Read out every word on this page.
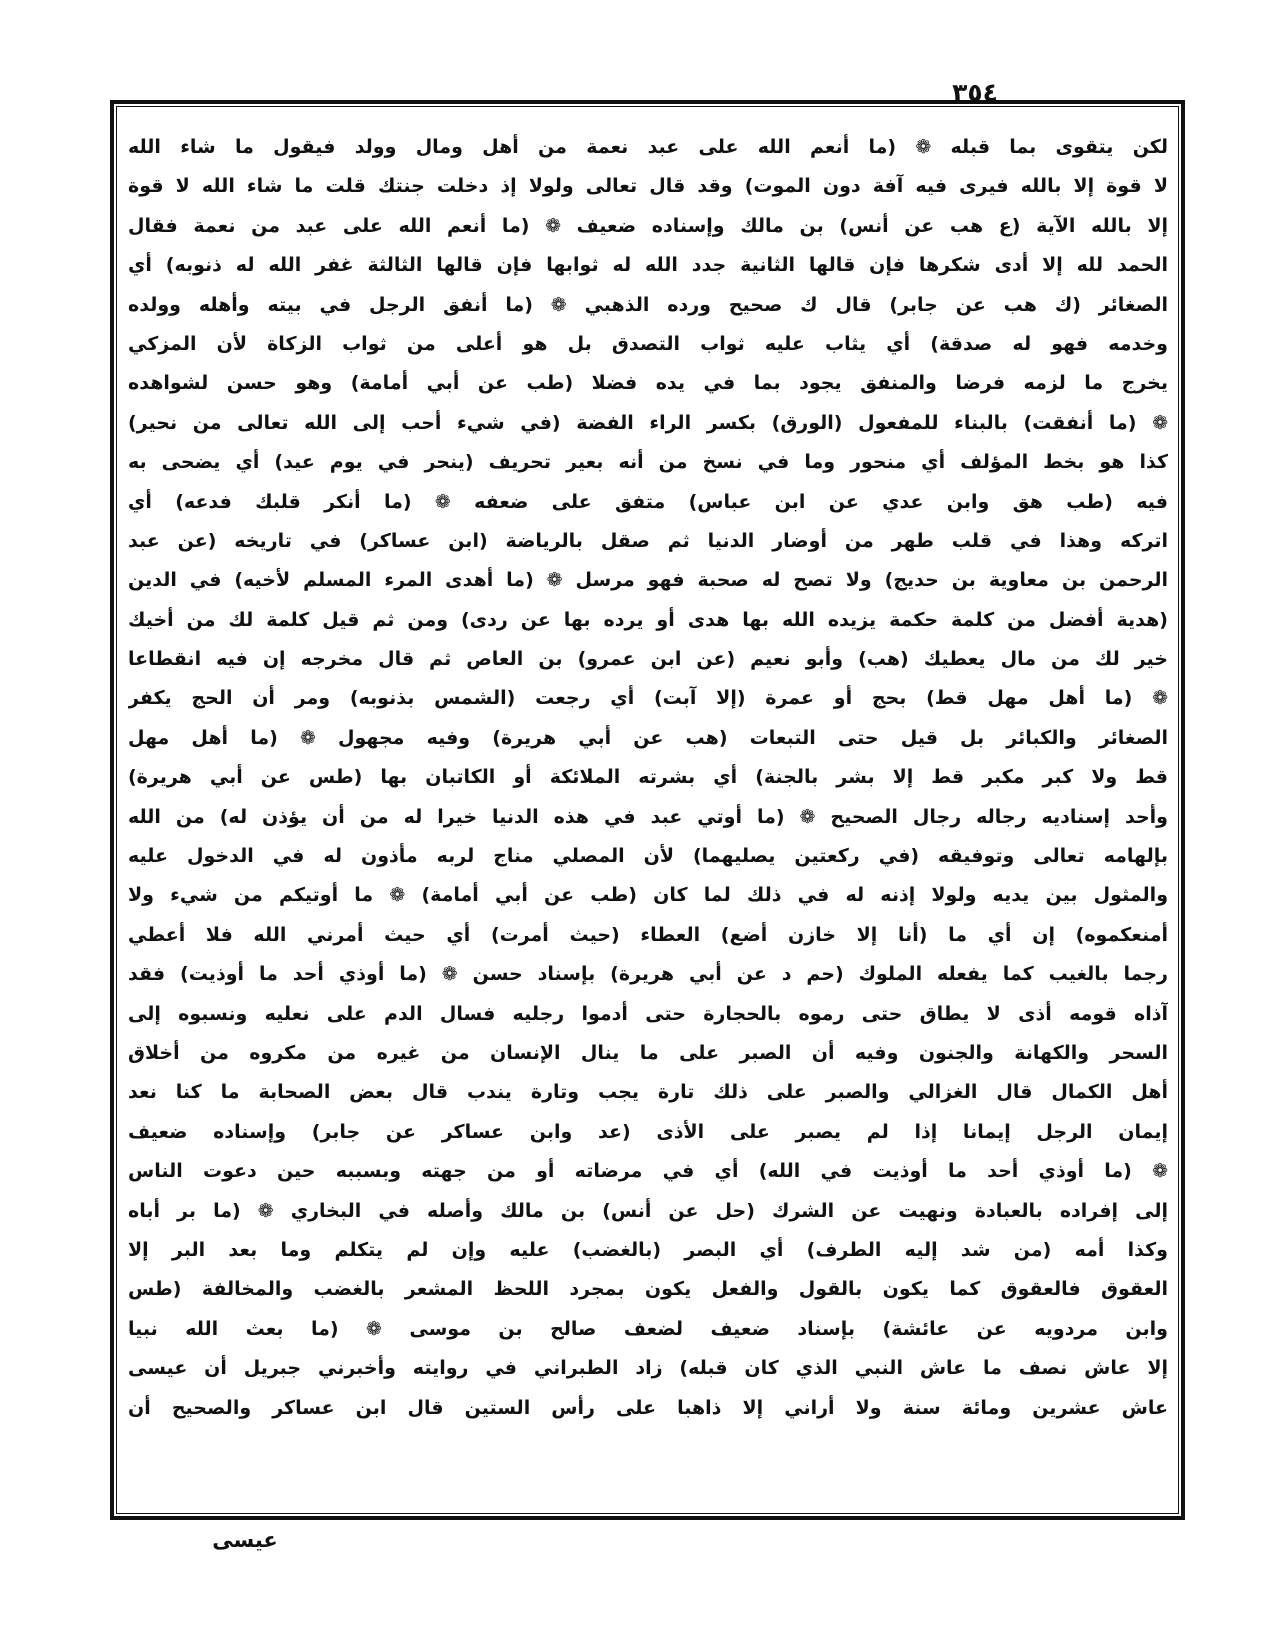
٣٥٤
لكن يتقوى بما قبله ❁ (ما أنعم الله على عبد نعمة من أهل ومال وولد فيقول ما شاء الله
لا قوة إلا بالله فيرى فيه آفة دون الموت) وقد قال تعالى ولولا إذ دخلت جنتك قلت ما شاء الله لا قوة
إلا بالله الآية (ع هب عن أنس) بن مالك وإسناده ضعيف ❁ (ما أنعم الله على عبد من نعمة فقال
الحمد لله إلا أدى شكرها فإن قالها الثانية جدد الله له ثوابها فإن قالها الثالثة غفر الله له ذنوبه) أي
الصغائر (ك هب عن جابر) قال ك صحيح ورده الذهبي ❁ (ما أنفق الرجل في بيته وأهله وولده
وخدمه فهو له صدقة) أي يثاب عليه ثواب التصدق بل هو أعلى من ثواب الزكاة لأن المزكي
يخرج ما لزمه فرضا والمنفق يجود بما في يده فضلا (طب عن أبي أمامة) وهو حسن لشواهده
❁ (ما أنفقت) بالبناء للمفعول (الورق) بكسر الراء الفضة (في شيء أحب إلى الله تعالى من نحير)
كذا هو بخط المؤلف أي منحور وما في نسخ من أنه بعير تحريف (ينحر في يوم عيد) أي يضحى به
فيه (طب هق وابن عدي عن ابن عباس) متفق على ضعفه ❁ (ما أنكر قلبك فدعه) أي
اتركه وهذا في قلب طهر من أوضار الدنيا ثم صقل بالرياضة (ابن عساكر) في تاريخه (عن عبد
الرحمن بن معاوية بن حديج) ولا تصح له صحبة فهو مرسل ❁ (ما أهدى المرء المسلم لأخيه) في الدين
(هدية أفضل من كلمة حكمة يزيده الله بها هدى أو يرده بها عن ردى) ومن ثم قيل كلمة لك من أخيك
خير لك من مال يعطيك (هب) وأبو نعيم (عن ابن عمرو) بن العاص ثم قال مخرجه إن فيه انقطاعا
❁ (ما أهل مهل قط) بحج أو عمرة (إلا آبت) أي رجعت (الشمس بذنوبه) ومر أن الحج يكفر
الصغائر والكبائر بل قيل حتى التبعات (هب عن أبي هريرة) وفيه مجهول ❁ (ما أهل مهل
قط ولا كبر مكبر قط إلا بشر بالجنة) أي بشرته الملائكة أو الكاتبان بها (طس عن أبي هريرة)
وأحد إسناديه رجاله رجال الصحيح ❁ (ما أوتي عبد في هذه الدنيا خيرا له من أن يؤذن له) من الله
بإلهامه تعالى وتوفيقه (في ركعتين يصليهما) لأن المصلي مناج لربه مأذون له في الدخول عليه
والمثول بين يديه ولولا إذنه له في ذلك لما كان (طب عن أبي أمامة) ❁ ما أوتيكم من شيء ولا
أمنعكموه) إن أي ما (أنا إلا خازن أضع) العطاء (حيث أمرت) أي حيث أمرني الله فلا أعطي
رجما بالغيب كما يفعله الملوك (حم د عن أبي هريرة) بإسناد حسن ❁ (ما أوذي أحد ما أوذيت) فقد
آذاه قومه أذى لا يطاق حتى رموه بالحجارة حتى أدموا رجليه فسال الدم على نعليه ونسبوه إلى
السحر والكهانة والجنون وفيه أن الصبر على ما ينال الإنسان من غيره من مكروه من أخلاق
أهل الكمال قال الغزالي والصبر على ذلك تارة يجب وتارة يندب قال بعض الصحابة ما كنا نعد
إيمان الرجل إيمانا إذا لم يصبر على الأذى (عد وابن عساكر عن جابر) وإسناده ضعيف
❁ (ما أوذي أحد ما أوذيت في الله) أي في مرضاته أو من جهته وبسببه حين دعوت الناس
إلى إفراده بالعبادة ونهيت عن الشرك (حل عن أنس) بن مالك وأصله في البخاري ❁ (ما بر أباه
وكذا أمه (من شد إليه الطرف) أي البصر (بالغضب) عليه وإن لم يتكلم وما بعد البر إلا
العقوق فالعقوق كما يكون بالقول والفعل يكون بمجرد اللحظ المشعر بالغضب والمخالفة (طس
وابن مردويه عن عائشة) بإسناد ضعيف لضعف صالح بن موسى ❁ (ما بعث الله نبيا
إلا عاش نصف ما عاش النبي الذي كان قبله) زاد الطبراني في روايته وأخبرني جبريل أن عيسى
عاش عشرين ومائة سنة ولا أراني إلا ذاهبا على رأس الستين قال ابن عساكر والصحيح أن
عيسى
